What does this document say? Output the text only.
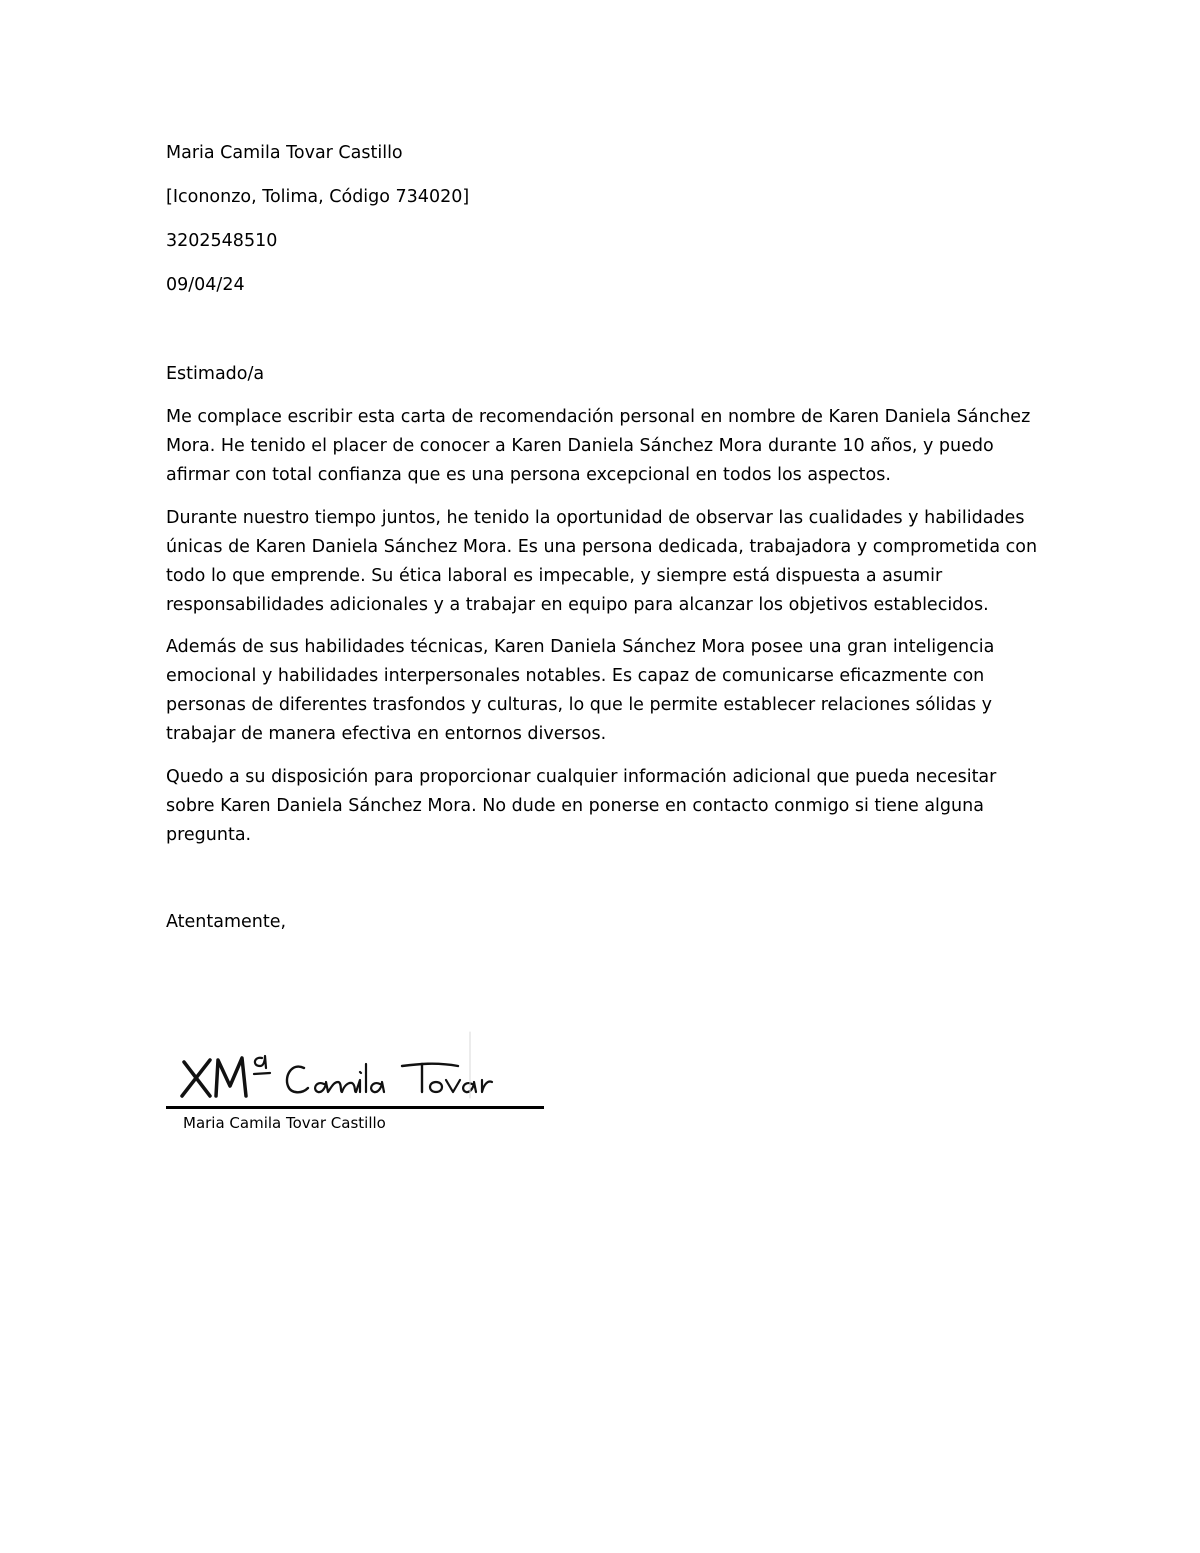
Maria Camila Tovar Castillo
[Icononzo, Tolima, Código 734020]
3202548510
09/04/24
Estimado/a

Me complace escribir esta carta de recomendación personal en nombre de Karen Daniela Sánchez Mora. He tenido el placer de conocer a Karen Daniela Sánchez Mora durante 10 años, y puedo afirmar con total confianza que es una persona excepcional en todos los aspectos.

Durante nuestro tiempo juntos, he tenido la oportunidad de observar las cualidades y habilidades únicas de Karen Daniela Sánchez Mora. Es una persona dedicada, trabajadora y comprometida con todo lo que emprende. Su ética laboral es impecable, y siempre está dispuesta a asumir responsabilidades adicionales y a trabajar en equipo para alcanzar los objetivos establecidos.

Además de sus habilidades técnicas, Karen Daniela Sánchez Mora posee una gran inteligencia emocional y habilidades interpersonales notables. Es capaz de comunicarse eficazmente con personas de diferentes trasfondos y culturas, lo que le permite establecer relaciones sólidas y trabajar de manera efectiva en entornos diversos.

Quedo a su disposición para proporcionar cualquier información adicional que pueda necesitar sobre Karen Daniela Sánchez Mora. No dude en ponerse en contacto conmigo si tiene alguna pregunta.

Atentamente,
Maria Camila Tovar Castillo
